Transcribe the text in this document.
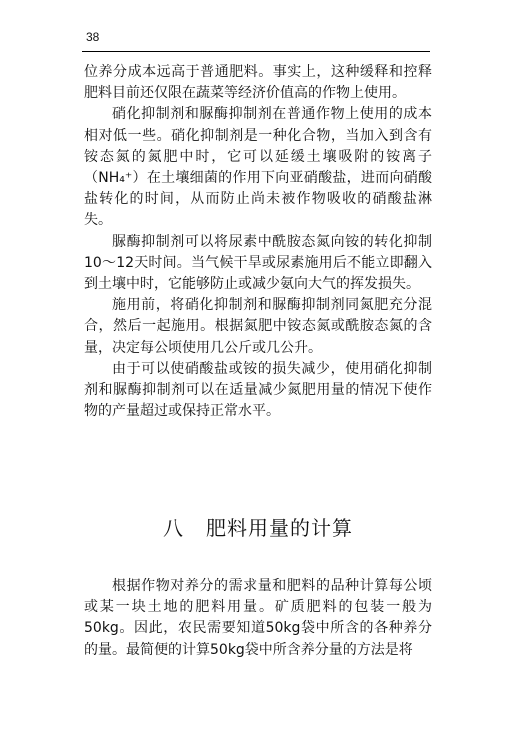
38

位养分成本远高于普通肥料。事实上，这种缓释和控释肥料目前还仅限在蔬菜等经济价值高的作物上使用。

硝化抑制剂和脲酶抑制剂在普通作物上使用的成本相对低一些。硝化抑制剂是一种化合物，当加入到含有铵态氮的氮肥中时，它可以延缓土壤吸附的铵离子（NH₄⁺）在土壤细菌的作用下向亚硝酸盐，进而向硝酸盐转化的时间，从而防止尚未被作物吸收的硝酸盐淋失。

脲酶抑制剂可以将尿素中酰胺态氮向铵的转化抑制10～12天时间。当气候干旱或尿素施用后不能立即翻入到土壤中时，它能够防止或减少氨向大气的挥发损失。

施用前，将硝化抑制剂和脲酶抑制剂同氮肥充分混合，然后一起施用。根据氮肥中铵态氮或酰胺态氮的含量，决定每公顷使用几公斤或几公升。

由于可以使硝酸盐或铵的损失减少，使用硝化抑制剂和脲酶抑制剂可以在适量减少氮肥用量的情况下使作物的产量超过或保持正常水平。

八 肥料用量的计算

根据作物对养分的需求量和肥料的品种计算每公顷或某一块土地的肥料用量。矿质肥料的包装一般为50kg。因此，农民需要知道50kg袋中所含的各种养分的量。最简便的计算50kg袋中所含养分量的方法是将
